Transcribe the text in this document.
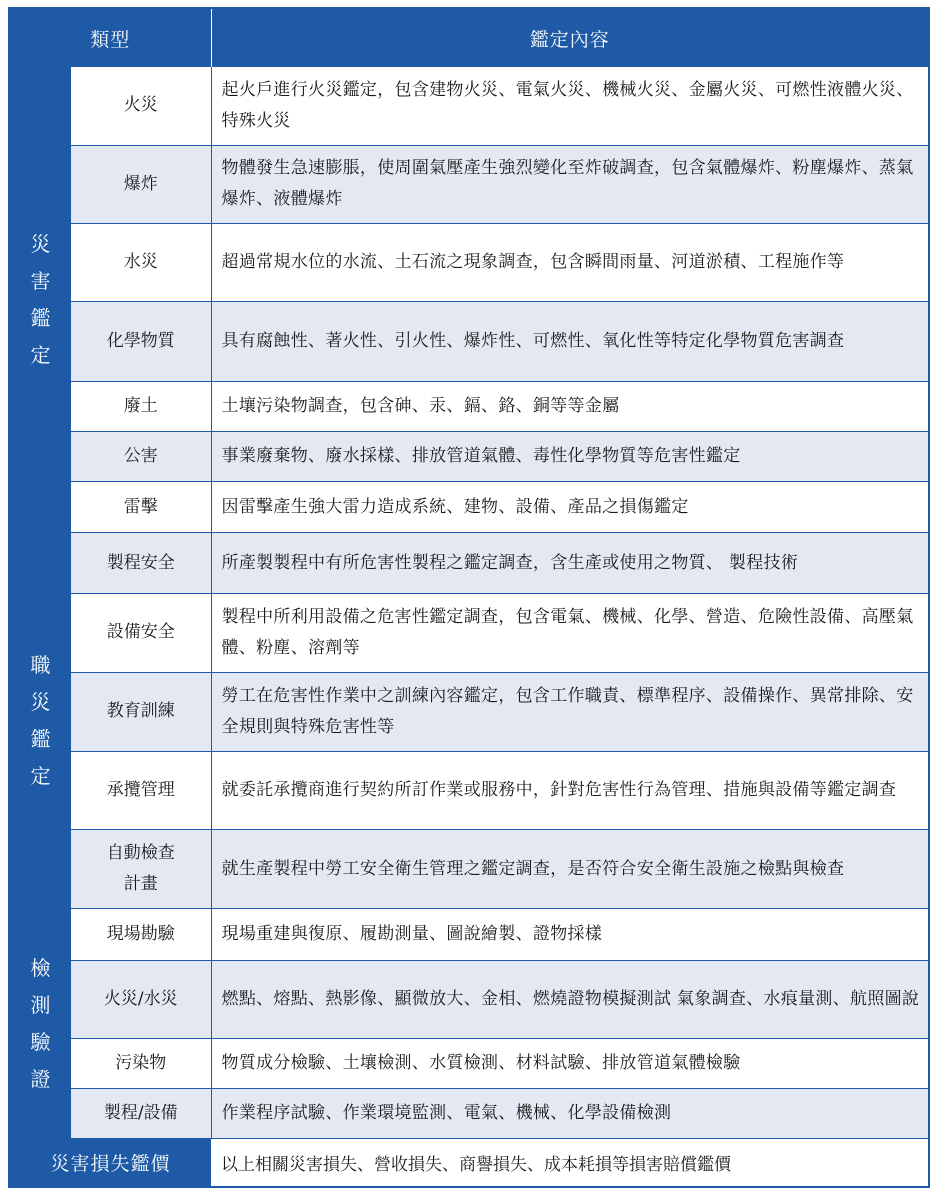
類型		鑑定內容
災害鑑定	火災	起火戶進行火災鑑定，包含建物火災、電氣火災、機械火災、金屬火災、可燃性液體火災、特殊火災
	爆炸	物體發生急速膨脹，使周圍氣壓產生強烈變化至炸破調查，包含氣體爆炸、粉塵爆炸、蒸氣爆炸、液體爆炸
	水災	超過常規水位的水流、土石流之現象調查，包含瞬間雨量、河道淤積、工程施作等
	化學物質	具有腐蝕性、著火性、引火性、爆炸性、可燃性、氧化性等特定化學物質危害調查
	廢土	土壤污染物調查，包含砷、汞、鎘、鉻、銅等等金屬
	公害	事業廢棄物、廢水採樣、排放管道氣體、毒性化學物質等危害性鑑定
	雷擊	因雷擊產生強大雷力造成系統、建物、設備、產品之損傷鑑定
職災鑑定	製程安全	所產製製程中有所危害性製程之鑑定調查，含生產或使用之物質、 製程技術
	設備安全	製程中所利用設備之危害性鑑定調查，包含電氣、機械、化學、營造、危險性設備、高壓氣體、粉塵、溶劑等
	教育訓練	勞工在危害性作業中之訓練內容鑑定，包含工作職責、標準程序、設備操作、異常排除、安全規則與特殊危害性等
	承攬管理	就委託承攬商進行契約所訂作業或服務中，針對危害性行為管理、措施與設備等鑑定調查

	自動檢查計畫	就生產製程中勞工安全衛生管理之鑑定調查，是否符合安全衛生設施之檢點與檢查
檢測驗證	現場勘驗	現場重建與復原、履勘測量、圖說繪製、證物採樣
	火災/水災	燃點、熔點、熱影像、顯微放大、金相、燃燒證物模擬測試 氣象調查、水痕量測、航照圖說
	污染物	物質成分檢驗、土壤檢測、水質檢測、材料試驗、排放管道氣體檢驗
	製程/設備	作業程序試驗、作業環境監測、電氣、機械、化學設備檢測
災害損失鑑價		以上相關災害損失、營收損失、商譽損失、成本耗損等損害賠償鑑價
